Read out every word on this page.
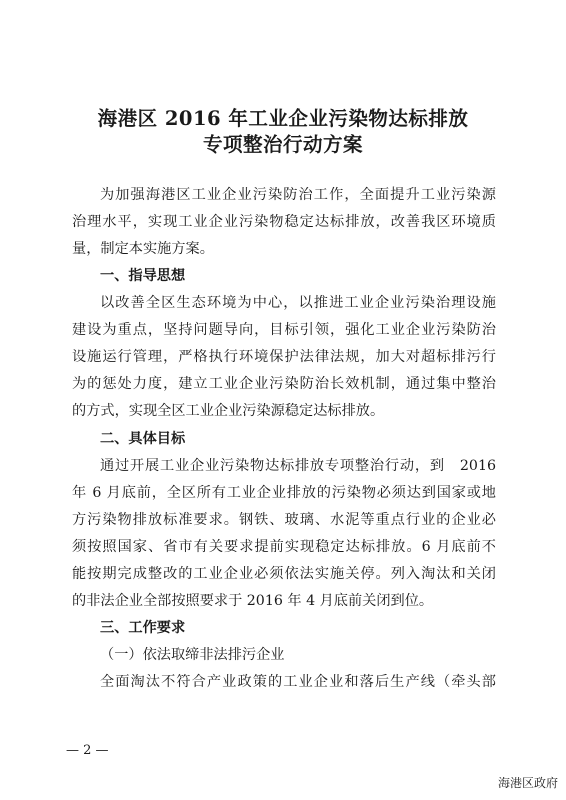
海港区 2016 年工业企业污染物达标排放
专项整治行动方案

为加强海港区工业企业污染防治工作，全面提升工业污染源

治理水平，实现工业企业污染物稳定达标排放，改善我区环境质

量，制定本实施方案。

一、指导思想

以改善全区生态环境为中心，以推进工业企业污染治理设施

建设为重点，坚持问题导向，目标引领，强化工业企业污染防治

设施运行管理，严格执行环境保护法律法规，加大对超标排污行

为的惩处力度，建立工业企业污染防治长效机制，通过集中整治

的方式，实现全区工业企业污染源稳定达标排放。

二、具体目标

通过开展工业企业污染物达标排放专项整治行动，到　2016

年 6 月底前，全区所有工业企业排放的污染物必须达到国家或地

方污染物排放标准要求。钢铁、玻璃、水泥等重点行业的企业必

须按照国家、省市有关要求提前实现稳定达标排放。6 月底前不

能按期完成整改的工业企业必须依法实施关停。列入淘汰和关闭

的非法企业全部按照要求于 2016 年 4 月底前关闭到位。

三、工作要求

（一）依法取缔非法排污企业

全面淘汰不符合产业政策的工业企业和落后生产线（牵头部

— 2 —
海港区政府
